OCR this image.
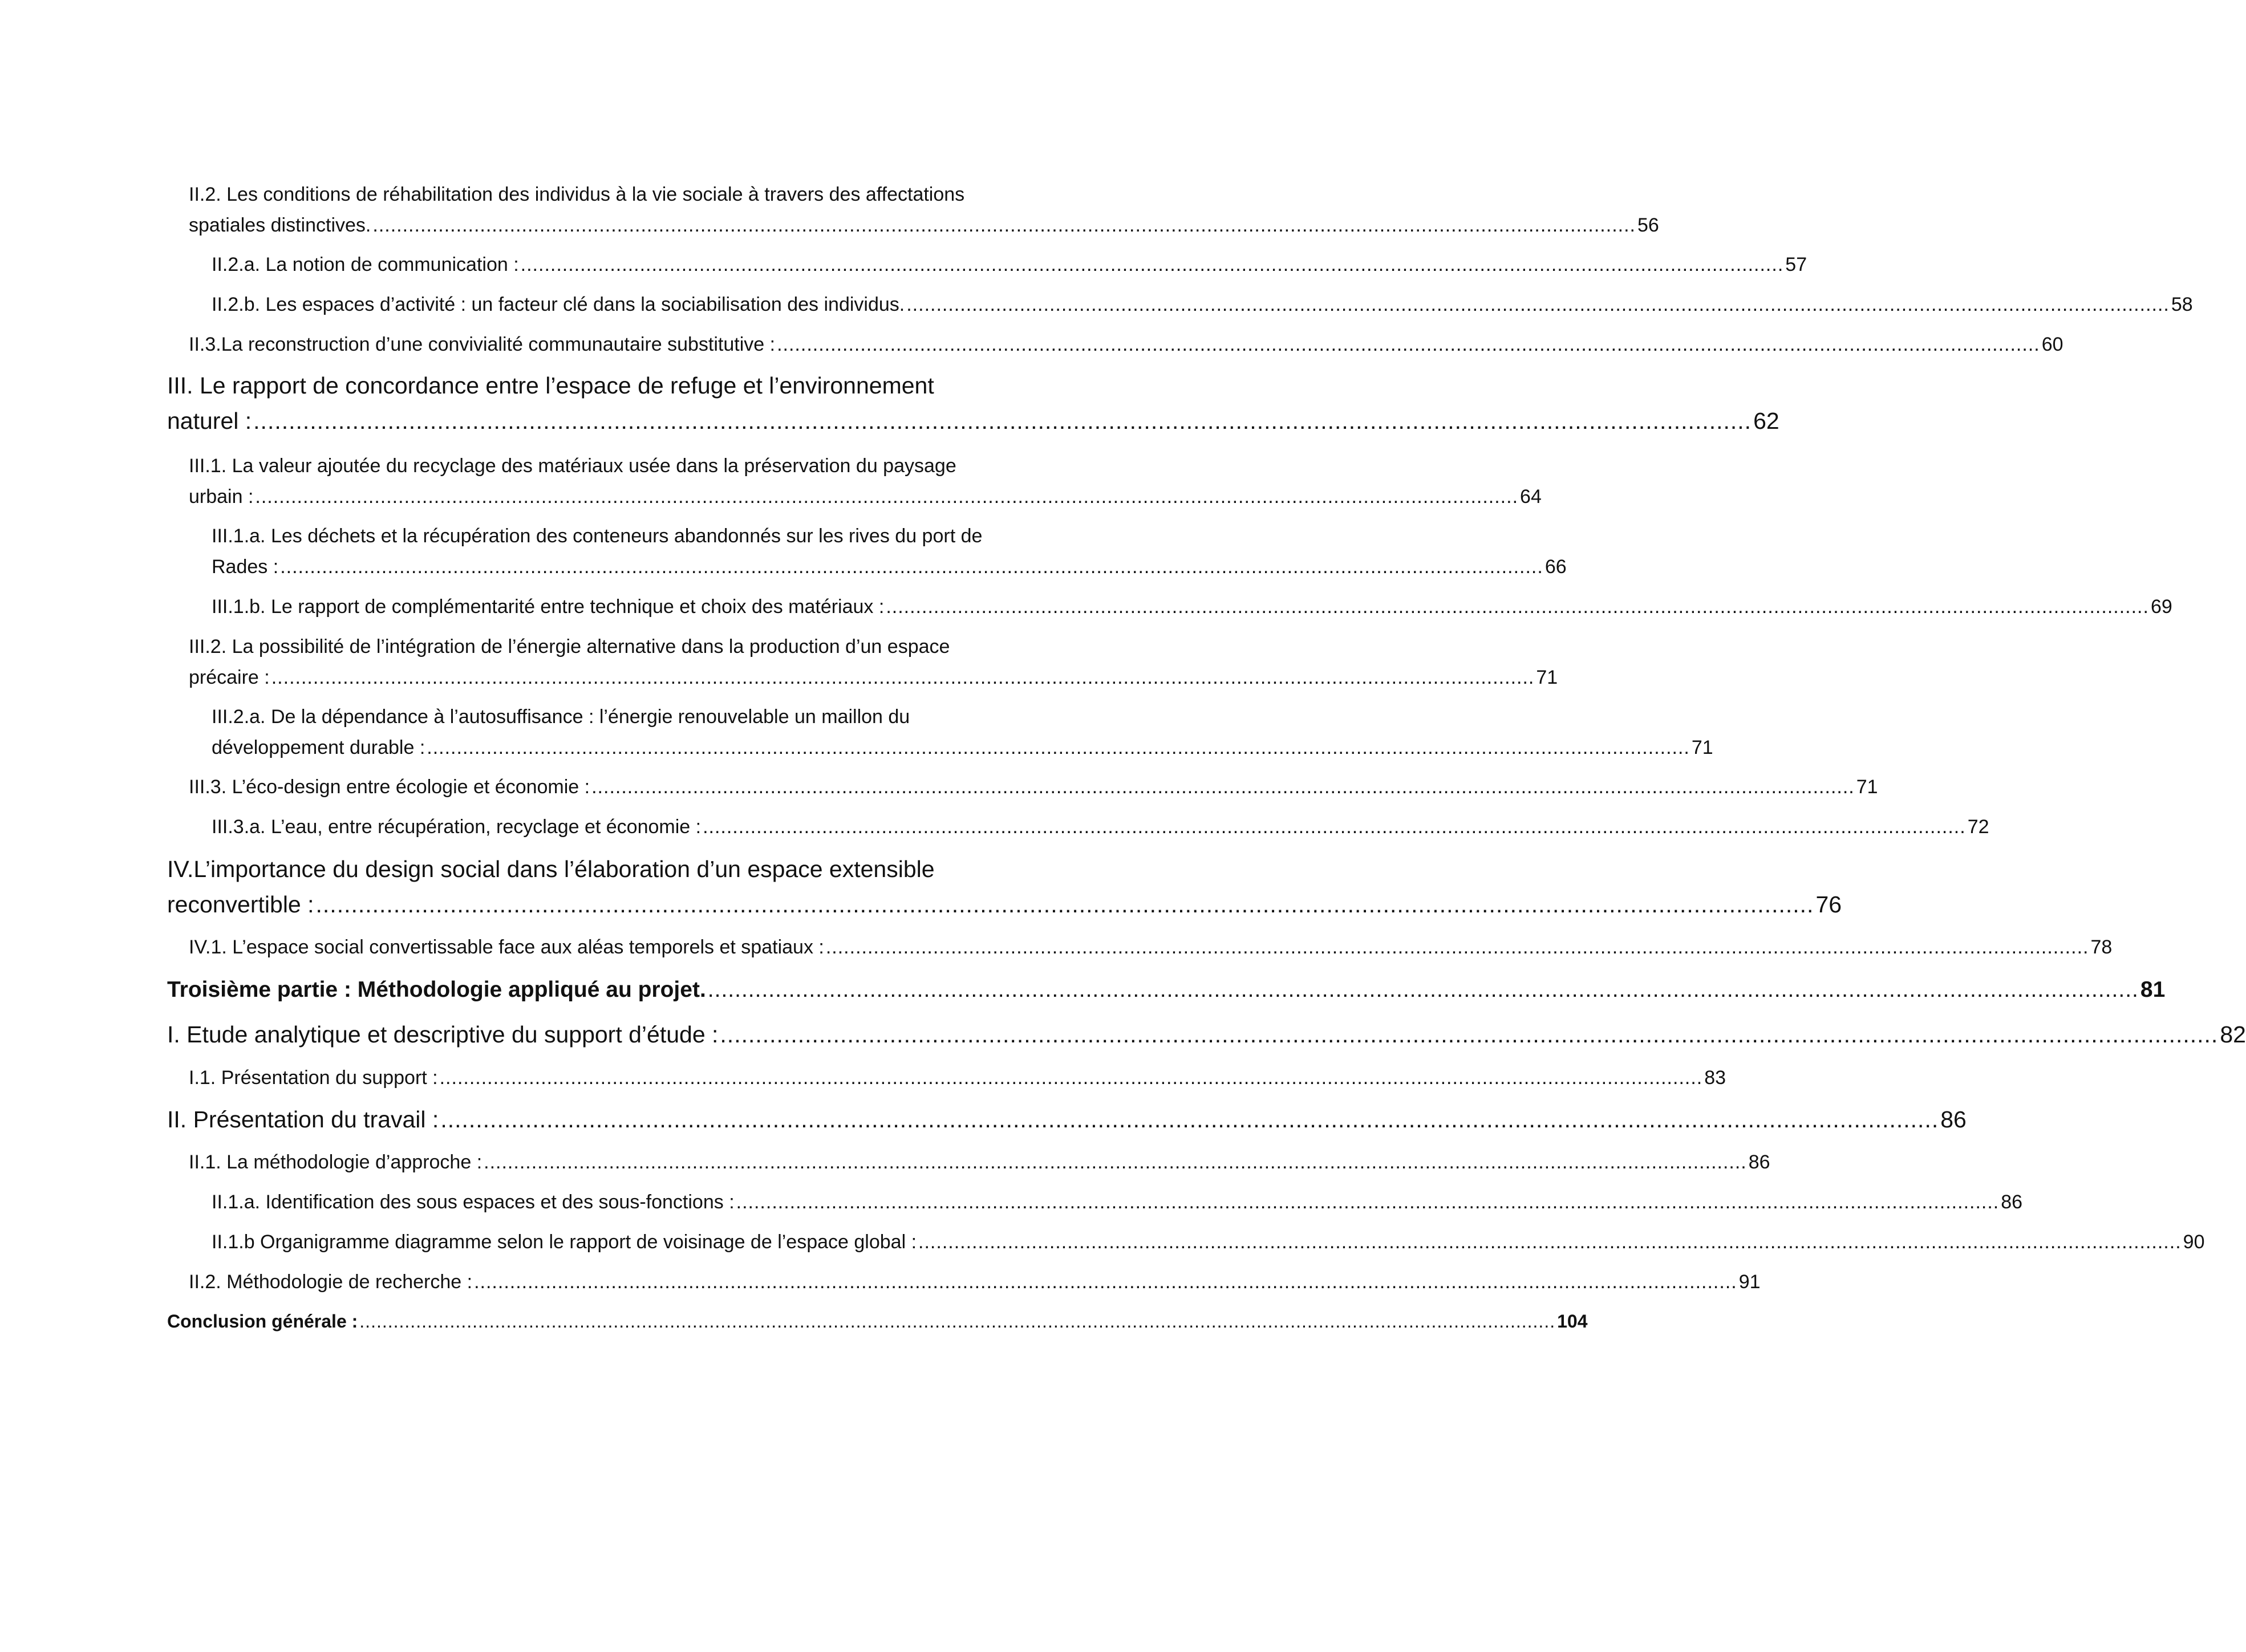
II.2. Les conditions de réhabilitation des individus à la vie sociale à travers des affectations
spatiales distinctives. .................................................................................................................................................................................................................... 56
II.2.a. La notion de communication : .................................................................................................................................................................................................................... 57
II.2.b. Les espaces d’activité : un facteur clé dans la sociabilisation des individus. .................................................................................................................................................................................................................... 58
II.3.La reconstruction d’une convivialité communautaire substitutive : .................................................................................................................................................................................................................... 60
III. Le rapport de concordance entre l’espace de refuge et l’environnement
naturel : .................................................................................................................................................................................................................... 62
III.1. La valeur ajoutée du recyclage des matériaux usée dans la préservation du paysage
urbain : .................................................................................................................................................................................................................... 64
III.1.a. Les déchets et la récupération des conteneurs abandonnés sur les rives du port de
Rades : .................................................................................................................................................................................................................... 66
III.1.b. Le rapport de complémentarité entre technique et choix des matériaux : .................................................................................................................................................................................................................... 69
III.2. La possibilité de l’intégration de l’énergie alternative dans la production d’un espace
précaire : .................................................................................................................................................................................................................... 71
III.2.a. De la dépendance à l’autosuffisance : l’énergie renouvelable un maillon du
développement durable : .................................................................................................................................................................................................................... 71
III.3. L’éco-design entre écologie et économie : .................................................................................................................................................................................................................... 71
III.3.a. L’eau, entre récupération, recyclage et économie : .................................................................................................................................................................................................................... 72
IV.L’importance du design social dans l’élaboration d’un espace extensible
reconvertible : .................................................................................................................................................................................................................... 76
IV.1. L’espace social convertissable face aux aléas temporels et spatiaux : .................................................................................................................................................................................................................... 78
Troisième partie : Méthodologie appliqué au projet. .................................................................................................................................................................................................................... 81
I. Etude analytique et descriptive du support d’étude : .................................................................................................................................................................................................................... 82
I.1. Présentation du support : .................................................................................................................................................................................................................... 83
II. Présentation du travail : .................................................................................................................................................................................................................... 86
II.1. La méthodologie d’approche : .................................................................................................................................................................................................................... 86
II.1.a. Identification des sous espaces et des sous-fonctions : .................................................................................................................................................................................................................... 86
II.1.b Organigramme diagramme selon le rapport de voisinage de l’espace global : .................................................................................................................................................................................................................... 90
II.2. Méthodologie de recherche : .................................................................................................................................................................................................................... 91
Conclusion générale : .................................................................................................................................................................................................................... 104
